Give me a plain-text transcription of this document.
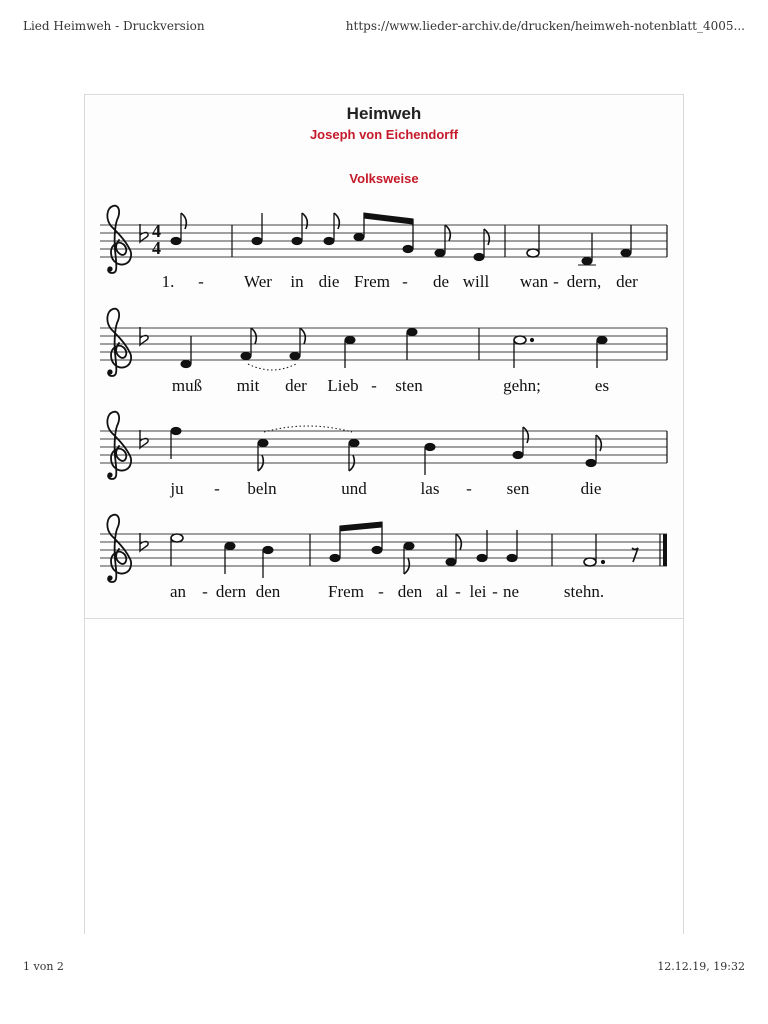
Lied Heimweh - Druckversion	https://www.lieder-archiv.de/drucken/heimweh-notenblatt_4005...
Heimweh
Joseph von Eichendorff
Volksweise
4
4
1. - Wer in die Frem - de will wan - dern, der
muß mit der Lieb - sten	gehn;	es
ju - beln	und	las - sen	die
an - dern den	Frem - den al - lei - ne	stehn.
1 von 2	12.12.19, 19:32
